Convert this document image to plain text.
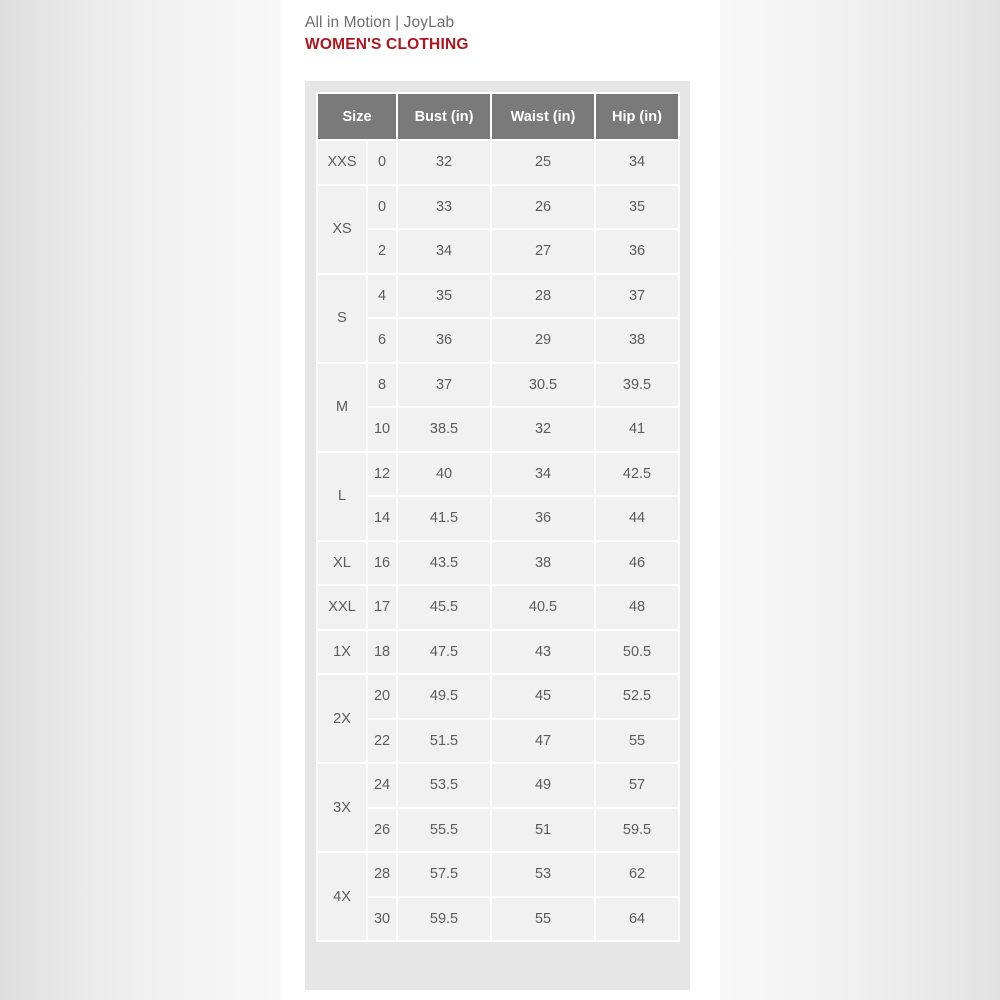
All in Motion | JoyLab
WOMEN'S CLOTHING
Size		Bust (in)	Waist (in)	Hip (in)
XXS	0	32	25	34
XS	0	33	26	35
	2	34	27	36
S	4	35	28	37
	6	36	29	38
M	8	37	30.5	39.5
	10	38.5	32	41
L	12	40	34	42.5
	14	41.5	36	44
XL	16	43.5	38	46
XXL	17	45.5	40.5	48
1X	18	47.5	43	50.5
2X	20	49.5	45	52.5
	22	51.5	47	55
3X	24	53.5	49	57
	26	55.5	51	59.5
4X	28	57.5	53	62
	30	59.5	55	64
